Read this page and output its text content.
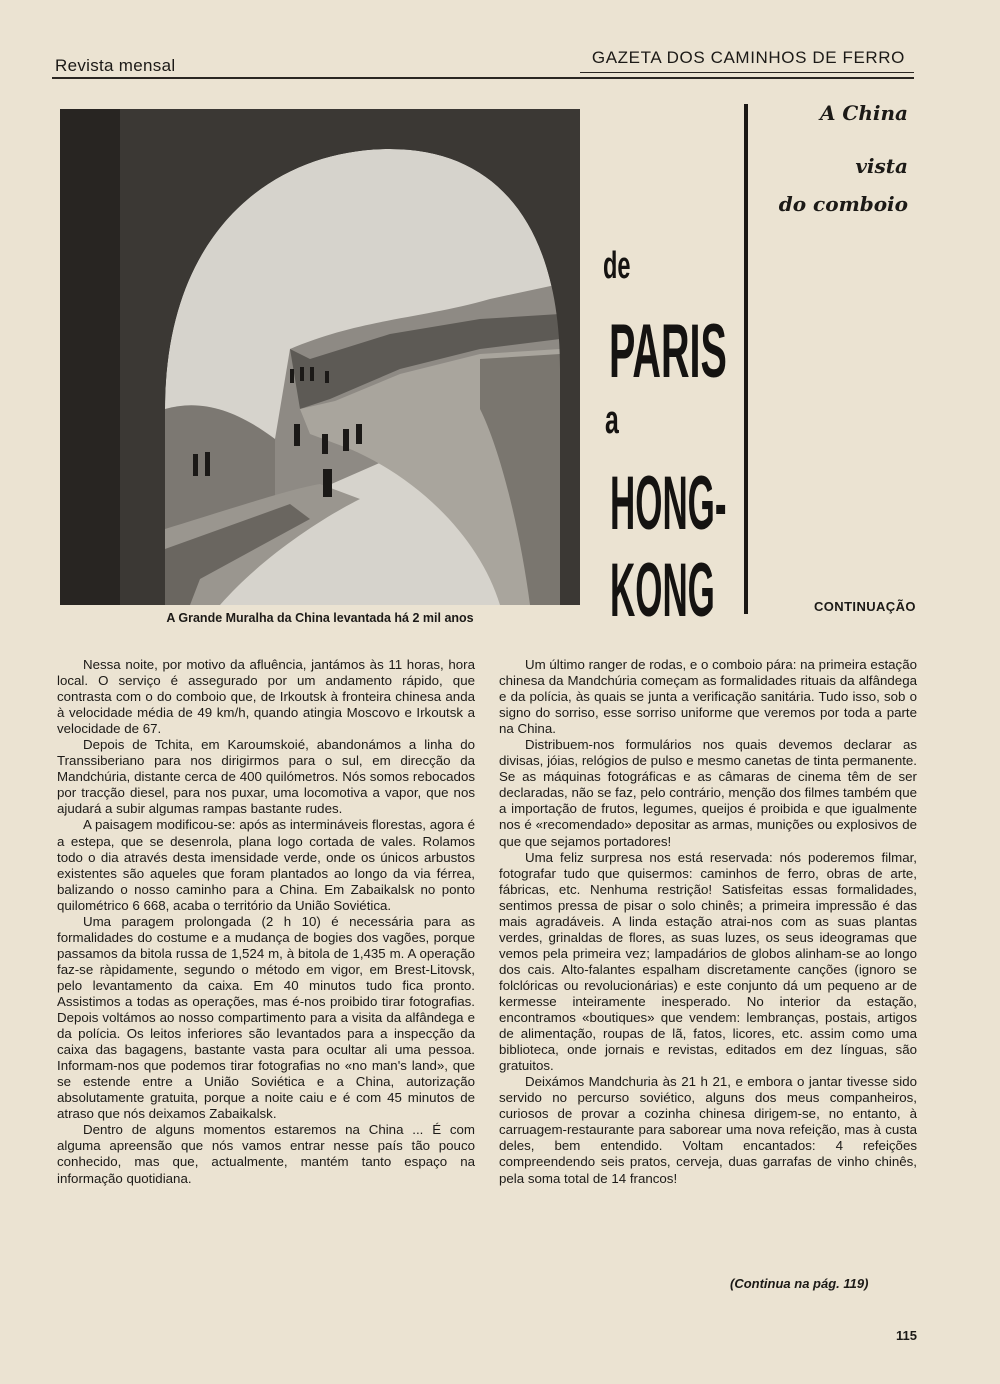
Revista mensal	GAZETA DOS CAMINHOS DE FERRO
A Grande Muralha da China levantada há 2 mil anos
A China
vista
do comboio
de
PARIS
a
HONG-KONG	CONTINUAÇÃO

Nessa noite, por motivo da afluência, jantámos às 11 horas, hora local. O serviço é assegurado por um andamento rápido, que contrasta com o do comboio que, de Irkoutsk à fronteira chinesa anda à velocidade média de 49 km/h, quando atingia Moscovo e Irkoutsk a velocidade de 67.

Depois de Tchita, em Karoumskoié, abandonámos a linha do Transsiberiano para nos dirigirmos para o sul, em direcção da Mandchúria, distante cerca de 400 quilómetros. Nós somos rebocados por tracção diesel, para nos puxar, uma locomotiva a vapor, que nos ajudará a subir algumas rampas bastante rudes.

A paisagem modificou-se: após as intermináveis florestas, agora é a estepa, que se desenrola, plana logo cortada de vales. Rolamos todo o dia através desta imensidade verde, onde os únicos arbustos existentes são aqueles que foram plantados ao longo da via férrea, balizando o nosso caminho para a China. Em Zabaikalsk no ponto quilométrico 6 668, acaba o território da União Soviética.

Uma paragem prolongada (2 h 10) é necessária para as formalidades do costume e a mudança de bogies dos vagões, porque passamos da bitola russa de 1,524 m, à bitola de 1,435 m. A operação faz-se ràpidamente, segundo o método em vigor, em Brest-Litovsk, pelo levantamento da caixa. Em 40 minutos tudo fica pronto. Assistimos a todas as operações, mas é-nos proibido tirar fotografias. Depois voltámos ao nosso compartimento para a visita da alfândega e da polícia. Os leitos inferiores são levantados para a inspecção da caixa das bagagens, bastante vasta para ocultar ali uma pessoa. Informam-nos que podemos tirar fotografias no «no man's land», que se estende entre a União Soviética e a China, autorização absolutamente gratuita, porque a noite caiu e é com 45 minutos de atraso que nós deixamos Zabaikalsk.

Dentro de alguns momentos estaremos na China ... É com alguma apreensão que nós vamos entrar nesse país tão pouco conhecido, mas que, actualmente, mantém tanto espaço na informação quotidiana.

Um último ranger de rodas, e o comboio pára: na primeira estação chinesa da Mandchúria começam as formalidades rituais da alfândega e da polícia, às quais se junta a verificação sanitária. Tudo isso, sob o signo do sorriso, esse sorriso uniforme que veremos por toda a parte na China.

Distribuem-nos formulários nos quais devemos declarar as divisas, jóias, relógios de pulso e mesmo canetas de tinta permanente. Se as máquinas fotográficas e as câmaras de cinema têm de ser declaradas, não se faz, pelo contrário, menção dos filmes também que a importação de frutos, legumes, queijos é proibida e que igualmente nos é «recomendado» depositar as armas, munições ou explosivos de que que sejamos portadores!

Uma feliz surpresa nos está reservada: nós poderemos filmar, fotografar tudo que quisermos: caminhos de ferro, obras de arte, fábricas, etc. Nenhuma restrição! Satisfeitas essas formalidades, sentimos pressa de pisar o solo chinês; a primeira impressão é das mais agradáveis. A linda estação atrai-nos com as suas plantas verdes, grinaldas de flores, as suas luzes, os seus ideogramas que vemos pela primeira vez; lampadários de globos alinham-se ao longo dos cais. Alto-falantes espalham discretamente canções (ignoro se folclóricas ou revolucionárias) e este conjunto dá um pequeno ar de kermesse inteiramente inesperado. No interior da estação, encontramos «boutiques» que vendem: lembranças, postais, artigos de alimentação, roupas de lã, fatos, licores, etc. assim como uma biblioteca, onde jornais e revistas, editados em dez línguas, são gratuitos.

Deixámos Mandchuria às 21 h 21, e embora o jantar tivesse sido servido no percurso soviético, alguns dos meus companheiros, curiosos de provar a cozinha chinesa dirigem-se, no entanto, à carruagem-restaurante para saborear uma nova refeição, mas à custa deles, bem entendido. Voltam encantados: 4 refeições compreendendo seis pratos, cerveja, duas garrafas de vinho chinês, pela soma total de 14 francos!

(Continua na pág. 119)
115
